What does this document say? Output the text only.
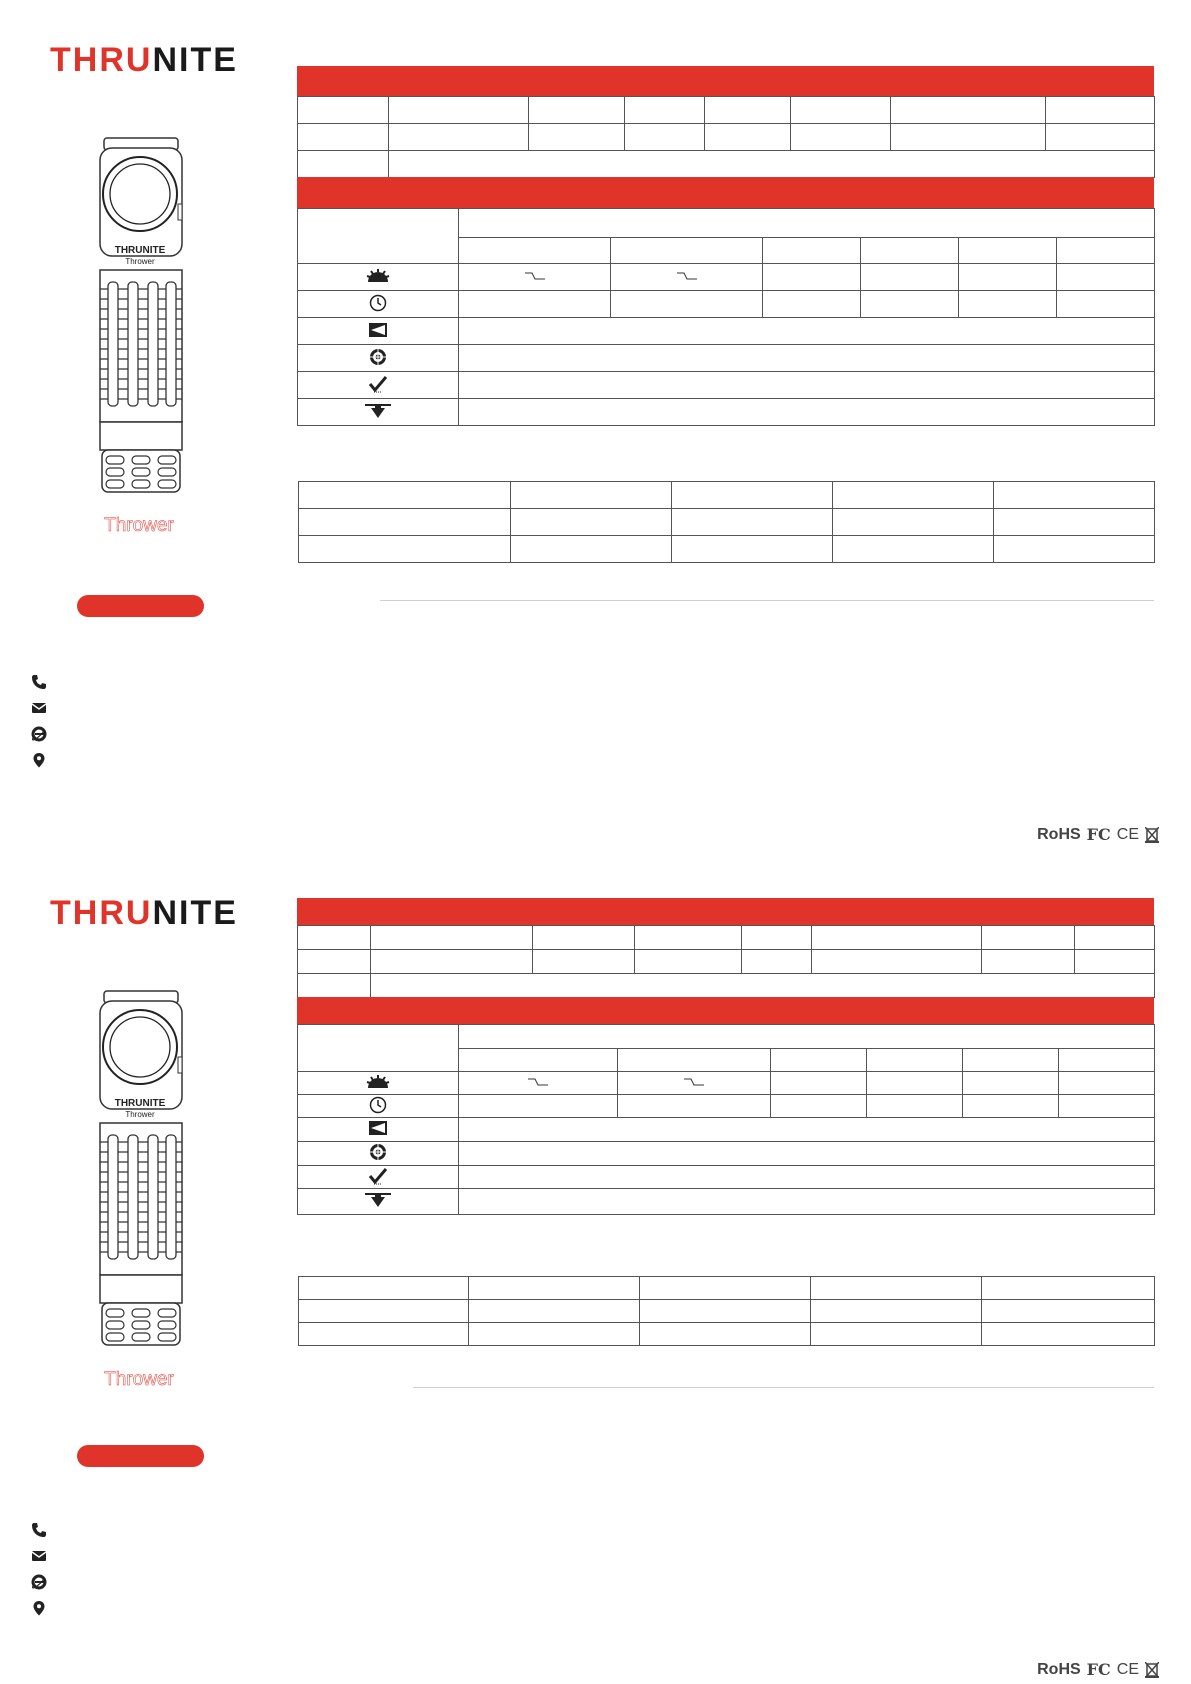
THRUNITE
THRUNITE
Thrower
Thrower

RoHS FC CE
THRUNITE
THRUNITE
Thrower
Thrower

RoHS FC CE
